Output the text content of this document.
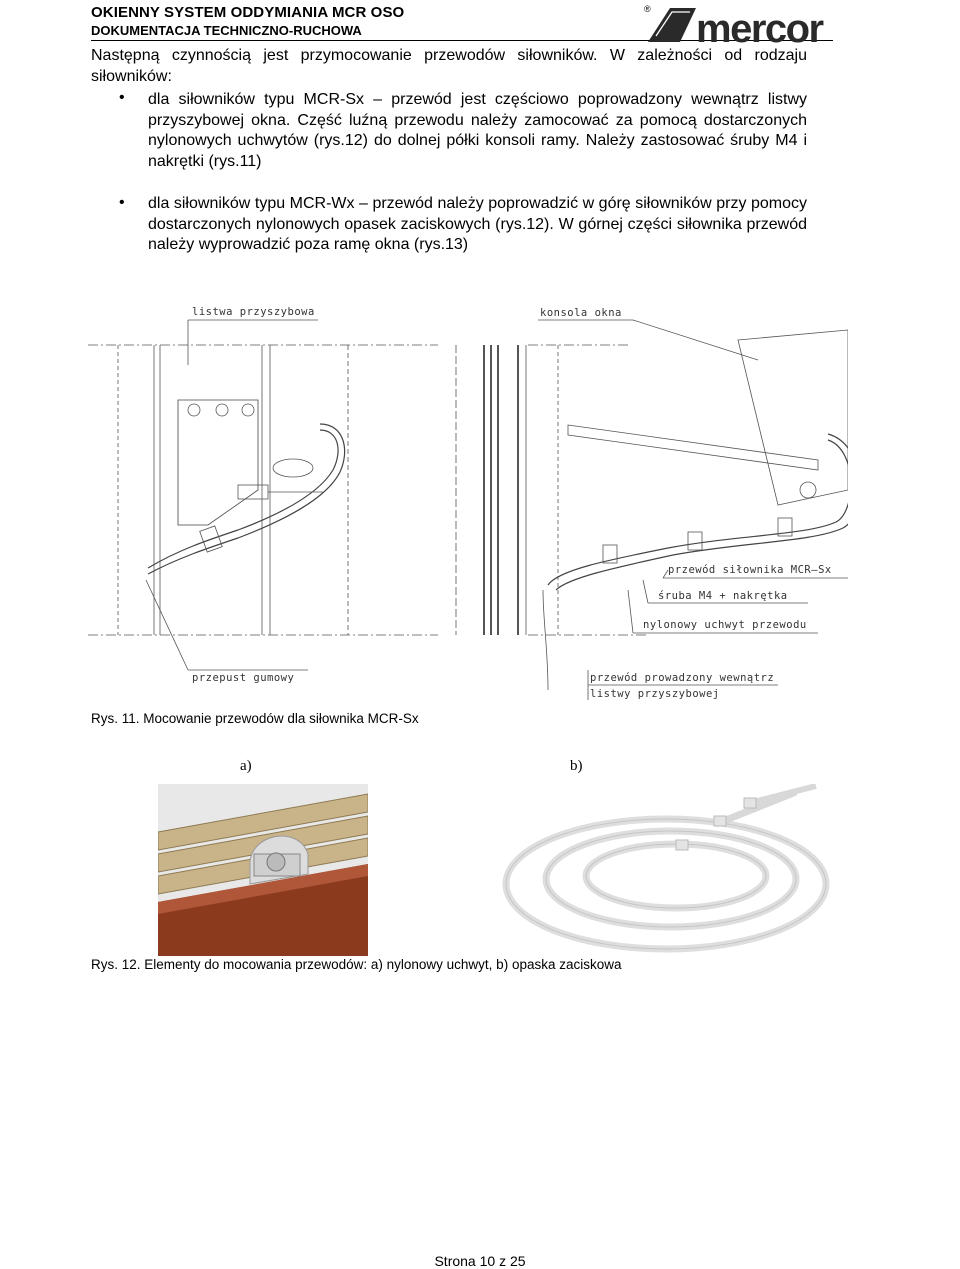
OKIENNY SYSTEM ODDYMIANIA MCR OSO
DOKUMENTACJA TECHNICZNO-RUCHOWA
® mercor
Następną czynnością jest przymocowanie przewodów siłowników. W zależności od rodzaju siłowników:
• dla siłowników typu MCR-Sx – przewód jest częściowo poprowadzony wewnątrz listwy przyszybowej okna. Część luźną przewodu należy zamocować za pomocą dostarczonych nylonowych uchwytów (rys.12) do dolnej półki konsoli ramy. Należy zastosować śruby M4 i nakrętki (rys.11)
• dla siłowników typu MCR-Wx – przewód należy poprowadzić w górę siłowników przy pomocy dostarczonych nylonowych opasek zaciskowych (rys.12). W górnej części siłownika przewód należy wyprowadzić poza ramę okna (rys.13)
listwa przyszybowa	konsola okna
przewód siłownika MCR–Sx
śruba M4 + nakrętka
nylonowy uchwyt przewodu
przepust gumowy	przewód prowadzony wewnątrz
listwy przyszybowej
Rys. 11. Mocowanie przewodów dla siłownika MCR-Sx
a)	b)
Rys. 12. Elementy do mocowania przewodów: a) nylonowy uchwyt, b) opaska zaciskowa
Strona 10 z 25
